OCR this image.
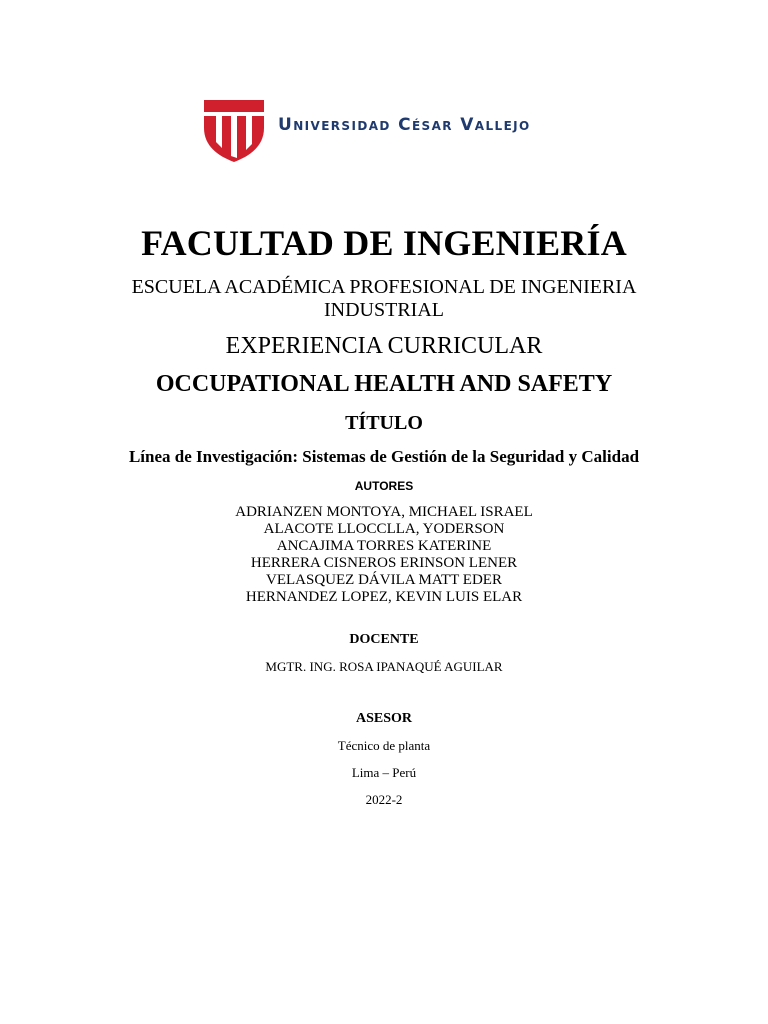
Universidad César Vallejo

FACULTAD DE INGENIERÍA

ESCUELA ACADÉMICA PROFESIONAL DE INGENIERIA INDUSTRIAL

EXPERIENCIA CURRICULAR

OCCUPATIONAL HEALTH AND SAFETY

TÍTULO

Línea de Investigación: Sistemas de Gestión de la Seguridad y Calidad

AUTORES

ADRIANZEN MONTOYA, MICHAEL ISRAEL
ALACOTE LLOCCLLA, YODERSON
ANCAJIMA TORRES KATERINE
HERRERA CISNEROS ERINSON LENER
VELASQUEZ DÁVILA MATT EDER
HERNANDEZ LOPEZ, KEVIN LUIS ELAR

DOCENTE

MGTR. ING. ROSA IPANAQUÉ AGUILAR

ASESOR

Técnico de planta

Lima – Perú

2022-2
